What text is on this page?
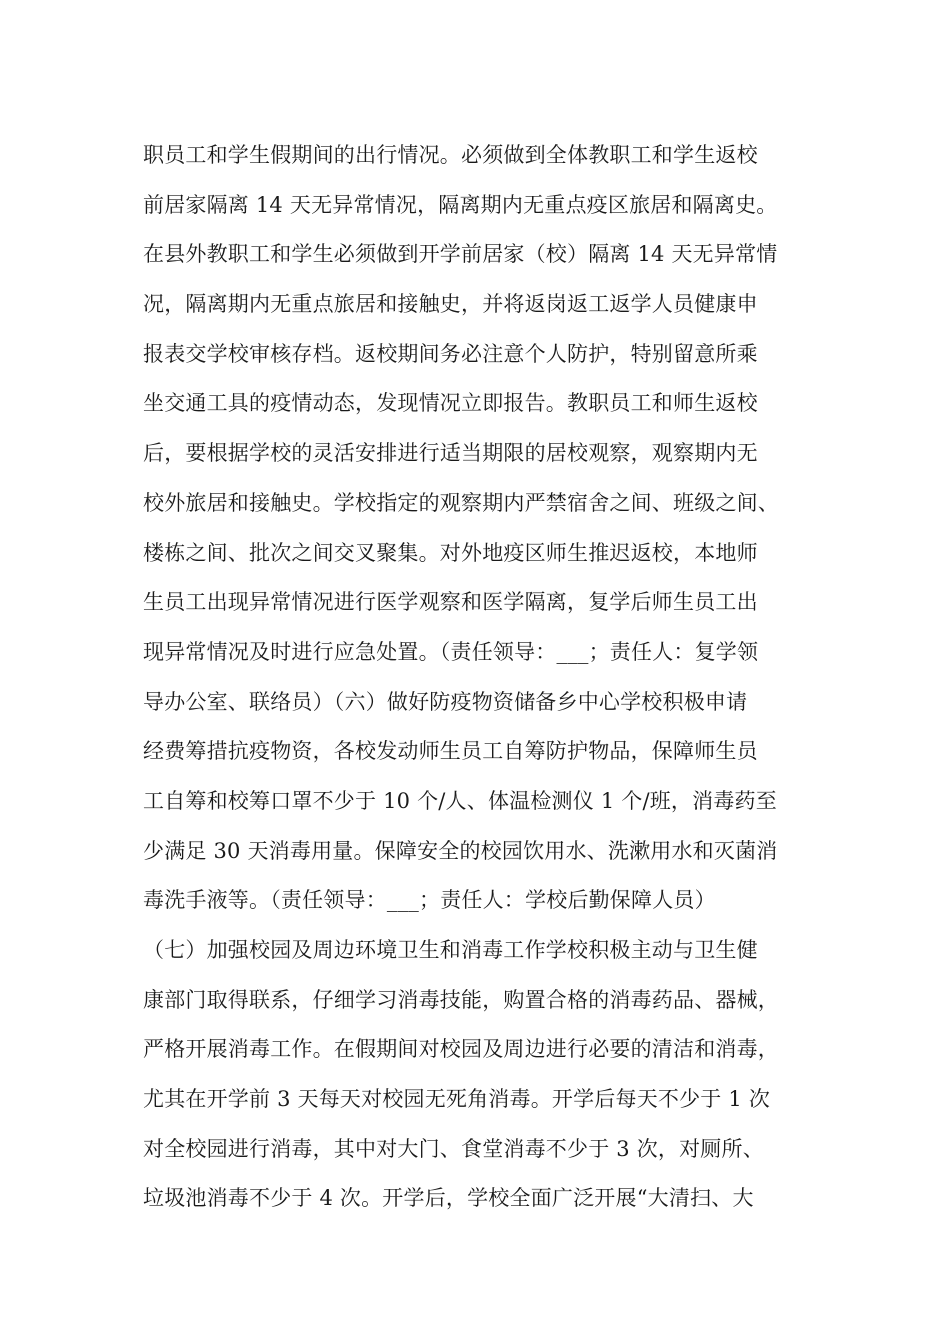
职员工和学生假期间的出行情况。必须做到全体教职工和学生返校
前居家隔离 14 天无异常情况，隔离期内无重点疫区旅居和隔离史。
在县外教职工和学生必须做到开学前居家（校）隔离 14 天无异常情
况，隔离期内无重点旅居和接触史，并将返岗返工返学人员健康申
报表交学校审核存档。返校期间务必注意个人防护，特别留意所乘
坐交通工具的疫情动态，发现情况立即报告。教职员工和师生返校
后，要根据学校的灵活安排进行适当期限的居校观察，观察期内无
校外旅居和接触史。学校指定的观察期内严禁宿舍之间、班级之间、
楼栋之间、批次之间交叉聚集。对外地疫区师生推迟返校，本地师
生员工出现异常情况进行医学观察和医学隔离，复学后师生员工出
现异常情况及时进行应急处置。（责任领导：___；责任人：复学领
导办公室、联络员）（六）做好防疫物资储备乡中心学校积极申请
经费筹措抗疫物资，各校发动师生员工自筹防护物品，保障师生员
工自筹和校筹口罩不少于 10 个/人、体温检测仪 1 个/班，消毒药至
少满足 30 天消毒用量。保障安全的校园饮用水、洗漱用水和灭菌消
毒洗手液等。（责任领导：___；责任人：学校后勤保障人员）
（七）加强校园及周边环境卫生和消毒工作学校积极主动与卫生健
康部门取得联系，仔细学习消毒技能，购置合格的消毒药品、器械，
严格开展消毒工作。在假期间对校园及周边进行必要的清洁和消毒，
尤其在开学前 3 天每天对校园无死角消毒。开学后每天不少于 1 次
对全校园进行消毒，其中对大门、食堂消毒不少于 3 次，对厕所、
垃圾池消毒不少于 4 次。开学后，学校全面广泛开展“大清扫、大
